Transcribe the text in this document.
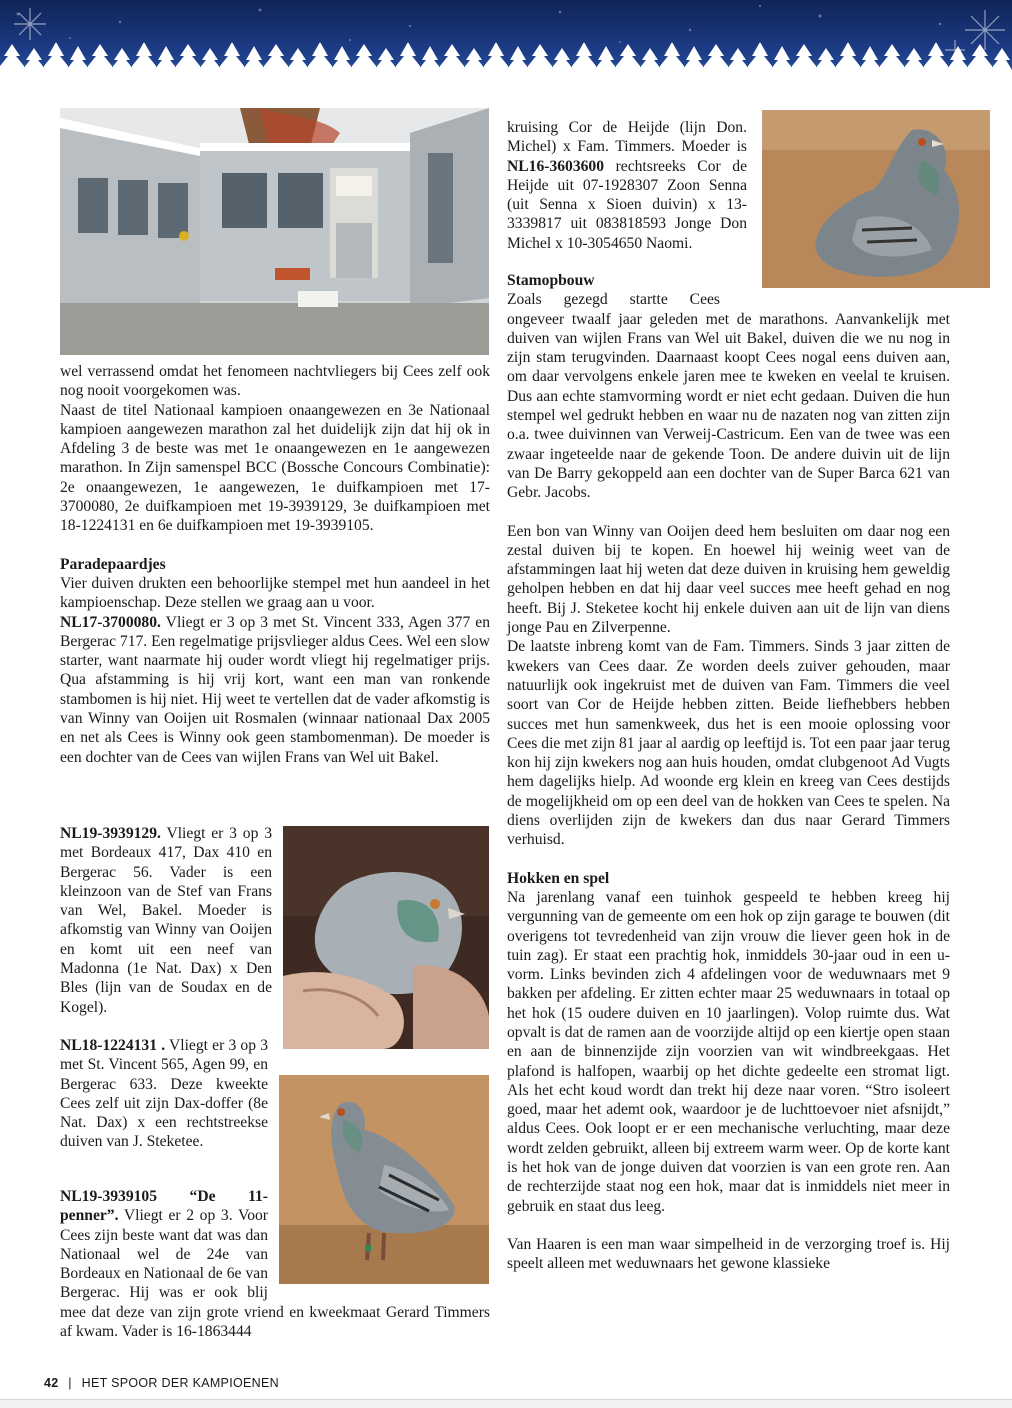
wel verrassend omdat het fenomeen nachtvliegers bij Cees zelf ook nog nooit voorgekomen was.

Naast de titel Nationaal kampioen onaangewezen en 3e Nationaal kampioen aangewezen marathon zal het duidelijk zijn dat hij ok in Afdeling 3 de beste was met 1e onaangewezen en 1e aangewezen marathon. In Zijn samenspel BCC (Bossche Concours Combinatie): 2e onaangewezen, 1e aangewezen, 1e duifkampioen met 17-3700080, 2e duifkampioen met 19-3939129, 3e duifkampioen met 18-1224131 en 6e duifkampioen met 19-3939105.

Paradepaardjes

Vier duiven drukten een behoorlijke stempel met hun aandeel in het kampioenschap. Deze stellen we graag aan u voor.

NL17-3700080. Vliegt er 3 op 3 met St. Vincent 333, Agen 377 en Bergerac 717. Een regelmatige prijsvlieger aldus Cees. Wel een slow starter, want naarmate hij ouder wordt vliegt hij regelmatiger prijs. Qua afstamming is hij vrij kort, want een man van ronkende stambomen is hij niet. Hij weet te vertellen dat de vader afkomstig is van Winny van Ooijen uit Rosmalen (winnaar nationaal Dax 2005 en net als Cees is Winny ook geen stambomenman). De moeder is een dochter van de Cees van wijlen Frans van Wel uit Bakel.

NL19-3939129. Vliegt er 3 op 3 met Bordeaux 417, Dax 410 en Bergerac 56. Vader is een kleinzoon van de Stef van Frans van Wel, Bakel. Moeder is afkomstig van Winny van Ooijen en komt uit een neef van Madonna (1e Nat. Dax) x Den Bles (lijn van de Soudax en de Kogel).

NL18-1224131 . Vliegt er 3 op 3 met St. Vincent 565, Agen 99, en Bergerac 633. Deze kweekte Cees zelf uit zijn Dax-doffer (8e Nat. Dax) x een rechtstreekse duiven van J. Steketee.

NL19-3939105 “De 11-penner”. Vliegt er 2 op 3. Voor Cees zijn beste want dat was dan Nationaal wel de 24e van Bordeaux en Nationaal de 6e van Bergerac. Hij was er ook blij mee dat deze van zijn grote vriend en kweekmaat Gerard Timmers af kwam. Vader is 16-1863444

kruising Cor de Heijde (lijn Don. Michel) x Fam. Timmers. Moeder is NL16-3603600 rechtsreeks Cor de Heijde uit 07-1928307 Zoon Senna (uit Senna x Sioen duivin) x 13-3339817 uit 083818593 Jonge Don Michel x 10-3054650 Naomi.

Stamopbouw

Zoals gezegd startte Cees ongeveer twaalf jaar geleden met de marathons. Aanvankelijk met duiven van wijlen Frans van Wel uit Bakel, duiven die we nu nog in zijn stam terugvinden. Daarnaast koopt Cees nogal eens duiven aan, om daar vervolgens enkele jaren mee te kweken en veelal te kruisen. Dus aan echte stamvorming wordt er niet echt gedaan. Duiven die hun stempel wel gedrukt hebben en waar nu de nazaten nog van zitten zijn o.a. twee duivinnen van Verweij-Castricum. Een van de twee was een zwaar ingeteelde naar de gekende Toon. De andere duivin uit de lijn van De Barry gekoppeld aan een dochter van de Super Barca 621 van Gebr. Jacobs.

Een bon van Winny van Ooijen deed hem besluiten om daar nog een zestal duiven bij te kopen. En hoewel hij weinig weet van de afstammingen laat hij weten dat deze duiven in kruising hem geweldig geholpen hebben en dat hij daar veel succes mee heeft gehad en nog heeft. Bij J. Steketee kocht hij enkele duiven aan uit de lijn van diens jonge Pau en Zilverpenne.

De laatste inbreng komt van de Fam. Timmers. Sinds 3 jaar zitten de kwekers van Cees daar. Ze worden deels zuiver gehouden, maar natuurlijk ook ingekruist met de duiven van Fam. Timmers die veel soort van Cor de Heijde hebben zitten. Beide liefhebbers hebben succes met hun samenkweek, dus het is een mooie oplossing voor Cees die met zijn 81 jaar al aardig op leeftijd is. Tot een paar jaar terug kon hij zijn kwekers nog aan huis houden, omdat clubgenoot Ad Vugts hem dagelijks hielp. Ad woonde erg klein en kreeg van Cees destijds de mogelijkheid om op een deel van de hokken van Cees te spelen. Na diens overlijden zijn de kwekers dan dus naar Gerard Timmers verhuisd.

Hokken en spel

Na jarenlang vanaf een tuinhok gespeeld te hebben kreeg hij vergunning van de gemeente om een hok op zijn garage te bouwen (dit overigens tot tevredenheid van zijn vrouw die liever geen hok in de tuin zag). Er staat een prachtig hok, inmiddels 30-jaar oud in een u-vorm. Links bevinden zich 4 afdelingen voor de weduwnaars met 9 bakken per afdeling. Er zitten echter maar 25 weduwnaars in totaal op het hok (15 oudere duiven en 10 jaarlingen). Volop ruimte dus. Wat opvalt is dat de ramen aan de voorzijde altijd op een kiertje open staan en aan de binnenzijde zijn voorzien van wit windbreekgaas. Het plafond is halfopen, waarbij op het dichte gedeelte een stromat ligt. Als het echt koud wordt dan trekt hij deze naar voren. “Stro isoleert goed, maar het ademt ook, waardoor je de luchttoevoer niet afsnijdt,” aldus Cees. Ook loopt er er een mechanische verluchting, maar deze wordt zelden gebruikt, alleen bij extreem warm weer. Op de korte kant is het hok van de jonge duiven dat voorzien is van een grote ren. Aan de rechterzijde staat nog een hok, maar dat is inmiddels niet meer in gebruik en staat dus leeg.

Van Haaren is een man waar simpelheid in de verzorging troef is. Hij speelt alleen met weduwnaars het gewone klassieke

42 | HET SPOOR DER KAMPIOENEN
